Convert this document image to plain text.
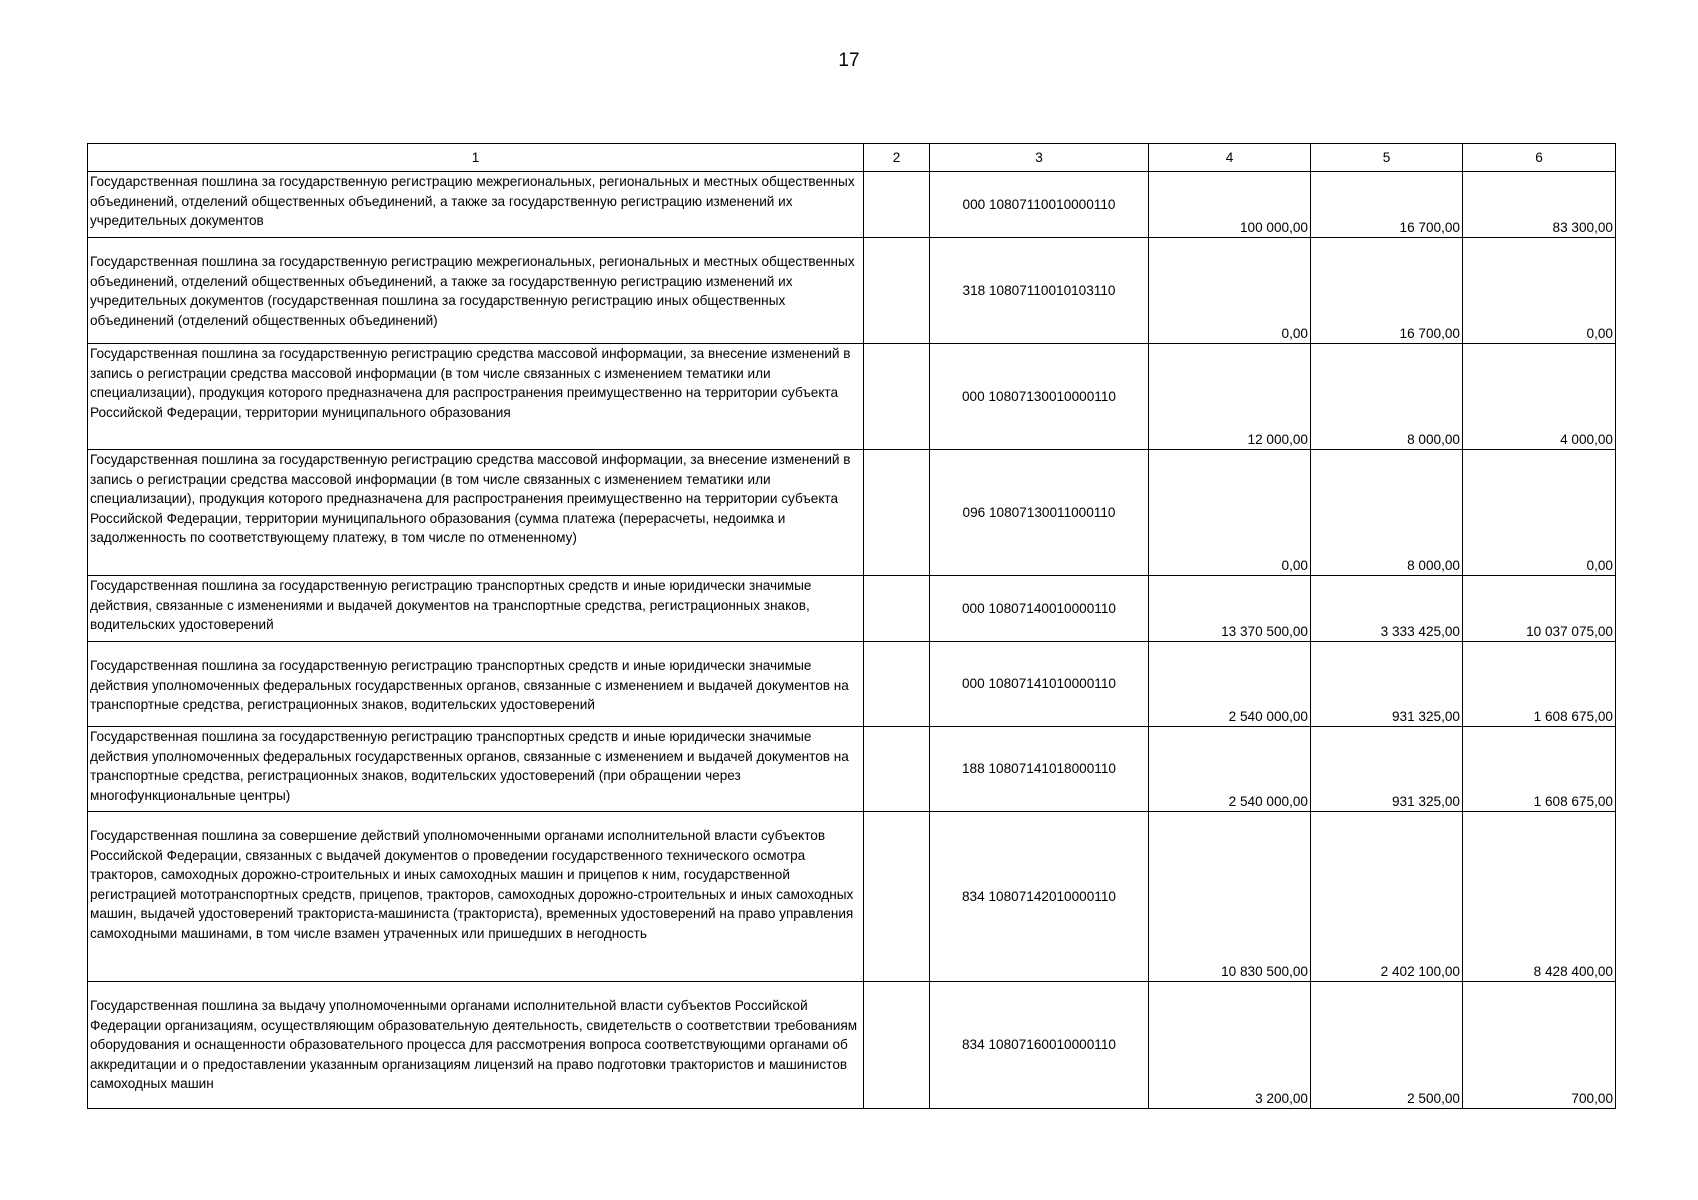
17
1	2	3	4	5	6
Государственная пошлина за государственную регистрацию межрегиональных, региональных и местных общественных объединений, отделений общественных объединений, а также за государственную регистрацию изменений их учредительных документов		000 10807110010000110	100 000,00	16 700,00	83 300,00
Государственная пошлина за государственную регистрацию межрегиональных, региональных и местных общественных объединений, отделений общественных объединений, а также за государственную регистрацию изменений их учредительных документов (государственная пошлина за государственную регистрацию иных общественных объединений (отделений общественных объединений)		318 10807110010103110	0,00	16 700,00	0,00
Государственная пошлина за государственную регистрацию средства массовой информации, за внесение изменений в запись о регистрации средства массовой информации (в том числе связанных с изменением тематики или специализации), продукция которого предназначена для распространения преимущественно на территории субъекта Российской Федерации, территории муниципального образования		000 10807130010000110	12 000,00	8 000,00	4 000,00
Государственная пошлина за государственную регистрацию средства массовой информации, за внесение изменений в запись о регистрации средства массовой информации (в том числе связанных с изменением тематики или специализации), продукция которого предназначена для распространения преимущественно на территории субъекта Российской Федерации, территории муниципального образования (сумма платежа (перерасчеты, недоимка и задолженность по соответствующему платежу, в том числе по отмененному)		096 10807130011000110	0,00	8 000,00	0,00
Государственная пошлина за государственную регистрацию транспортных средств и иные юридически значимые действия, связанные с изменениями и выдачей документов на транспортные средства, регистрационных знаков, водительских удостоверений		000 10807140010000110	13 370 500,00	3 333 425,00	10 037 075,00
Государственная пошлина за государственную регистрацию транспортных средств и иные юридически значимые действия уполномоченных федеральных государственных органов, связанные с изменением и выдачей документов на транспортные средства, регистрационных знаков, водительских удостоверений		000 10807141010000110	2 540 000,00	931 325,00	1 608 675,00
Государственная пошлина за государственную регистрацию транспортных средств и иные юридически значимые действия уполномоченных федеральных государственных органов, связанные с изменением и выдачей документов на транспортные средства, регистрационных знаков, водительских удостоверений (при обращении через многофункциональные центры)		188 10807141018000110	2 540 000,00	931 325,00	1 608 675,00
Государственная пошлина за совершение действий уполномоченными органами исполнительной власти субъектов Российской Федерации, связанных с выдачей документов о проведении государственного технического осмотра тракторов, самоходных дорожно-строительных и иных самоходных машин и прицепов к ним, государственной регистрацией мототранспортных средств, прицепов, тракторов, самоходных дорожно-строительных и иных самоходных машин, выдачей удостоверений тракториста-машиниста (тракториста), временных удостоверений на право управления самоходными машинами, в том числе взамен утраченных или пришедших в негодность		834 10807142010000110	10 830 500,00	2 402 100,00	8 428 400,00
Государственная пошлина за выдачу уполномоченными органами исполнительной власти субъектов Российской Федерации организациям, осуществляющим образовательную деятельность, свидетельств о соответствии требованиям оборудования и оснащенности образовательного процесса для рассмотрения вопроса соответствующими органами об аккредитации и о предоставлении указанным организациям лицензий на право подготовки трактористов и машинистов самоходных машин		834 10807160010000110	3 200,00	2 500,00	700,00
